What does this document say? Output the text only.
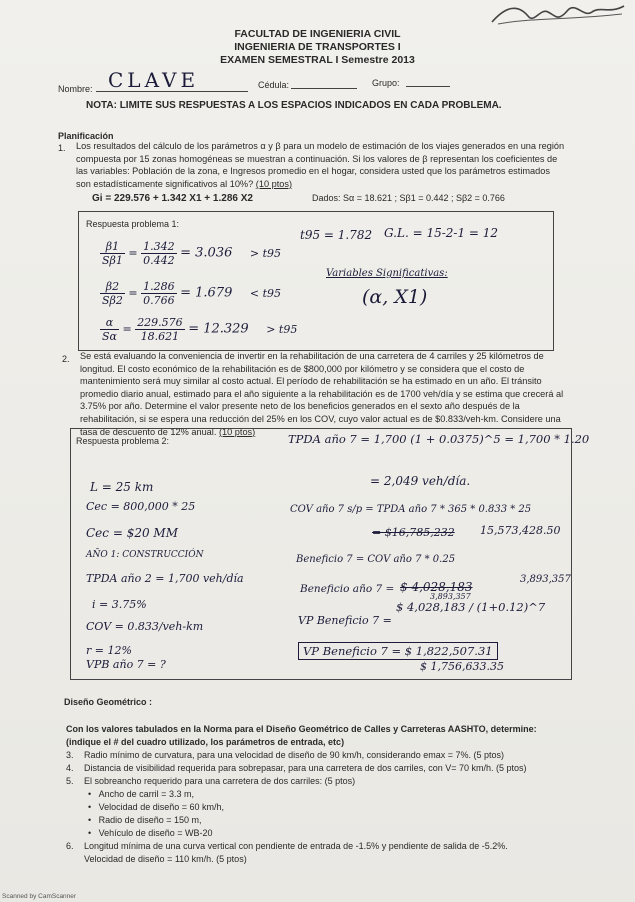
FACULTAD DE INGENIERIA CIVIL
INGENIERIA DE TRANSPORTES I
EXAMEN SEMESTRAL I Semestre 2013
Nombre: CLAVE	Cédula:	Grupo:
NOTA: LIMITE SUS RESPUESTAS A LOS ESPACIOS INDICADOS EN CADA PROBLEMA.
Planificación
1. Los resultados del cálculo de los parámetros α y β para un modelo de estimación de los viajes generados en una región compuesta por 15 zonas homogéneas se muestran a continuación. Si los valores de β representan los coeficientes de las variables: Población de la zona, e Ingresos promedio en el hogar, considera usted que los parámetros estimados son estadísticamente significativos al 10%? (10 ptos)
Gi = 229.576 + 1.342 X1 + 1.286 X2	Dados: Sα = 18.621 ; Sβ1 = 0.442 ; Sβ2 = 0.766
Respuesta problema 1:
$\frac{\beta 1}{S\beta 1} = \frac{1.342}{0.442} = 3.036 > t95$
$\frac{\beta 2}{S\beta 2} = \frac{1.286}{0.766} = 1.679 < t95$
$\frac{\alpha}{S\alpha} = \frac{229.576}{18.621} = 12.329 > t95$
t95 = 1.782 G.L. = 15-2-1 = 12
Variables Significativas:
(α, X1)
2. Se está evaluando la conveniencia de invertir en la rehabilitación de una carretera de 4 carriles y 25 kilómetros de longitud. El costo económico de la rehabilitación es de $800,000 por kilómetro y se considera que el costo de mantenimiento será muy similar al costo actual. El período de rehabilitación se ha estimado en un año. El tránsito promedio diario anual, estimado para el año siguiente a la rehabilitación es de 1700 veh/día y se estima que crecerá al 3.75% por año. Determine el valor presente neto de los beneficios generados en el sexto año después de la rehabilitación, si se espera una reducción del 25% en los COV, cuyo valor actual es de $0.833/veh-km. Considere una tasa de descuento de 12% anual. (10 ptos)
Respuesta problema 2:
L = 25 km
Cec = 800,000 * 25
Cec = $20 MM
AÑO 1: CONSTRUCCIÓN
TPDA año 2 = 1,700 veh/día
i = 3.75%
COV = 0.833/veh-km
r = 12%
VPB año 7 = ?
TPDA año 7 = 1,700 (1 + 0.0375)^5 = 1,700 * 1.20
= 2,049 veh/día.
COV año 7 s/p = TPDA año 7 * 365 * 0.833 * 25
= $16,785,232 15,573,428.50
Beneficio 7 = COV año 7 * 0.25
Beneficio año 7 = $ 4,028,183
3,893,357
3,893,357
$ 4,028,183 / (1+0.12)^7
VP Beneficio 7 =
VP Beneficio 7 = $ 1,822,507.31
$ 1,756,633.35
Diseño Geométrico :
Con los valores tabulados en la Norma para el Diseño Geométrico de Calles y Carreteras AASHTO, determine:
(indique el # del cuadro utilizado, los parámetros de entrada, etc)
3. Radio mínimo de curvatura, para una velocidad de diseño de 90 km/h, considerando emax = 7%. (5 ptos)
4. Distancia de visibilidad requerida para sobrepasar, para una carretera de dos carriles, con V= 70 km/h. (5 ptos)
5. El sobreancho requerido para una carretera de dos carriles: (5 ptos)
•   Ancho de carril = 3.3 m,
•   Velocidad de diseño = 60 km/h,
•   Radio de diseño = 150 m,
•   Vehículo de diseño = WB-20
6. Longitud mínima de una curva vertical con pendiente de entrada de -1.5% y pendiente de salida de -5.2%.
Velocidad de diseño = 110 km/h. (5 ptos)
Scanned by CamScanner
